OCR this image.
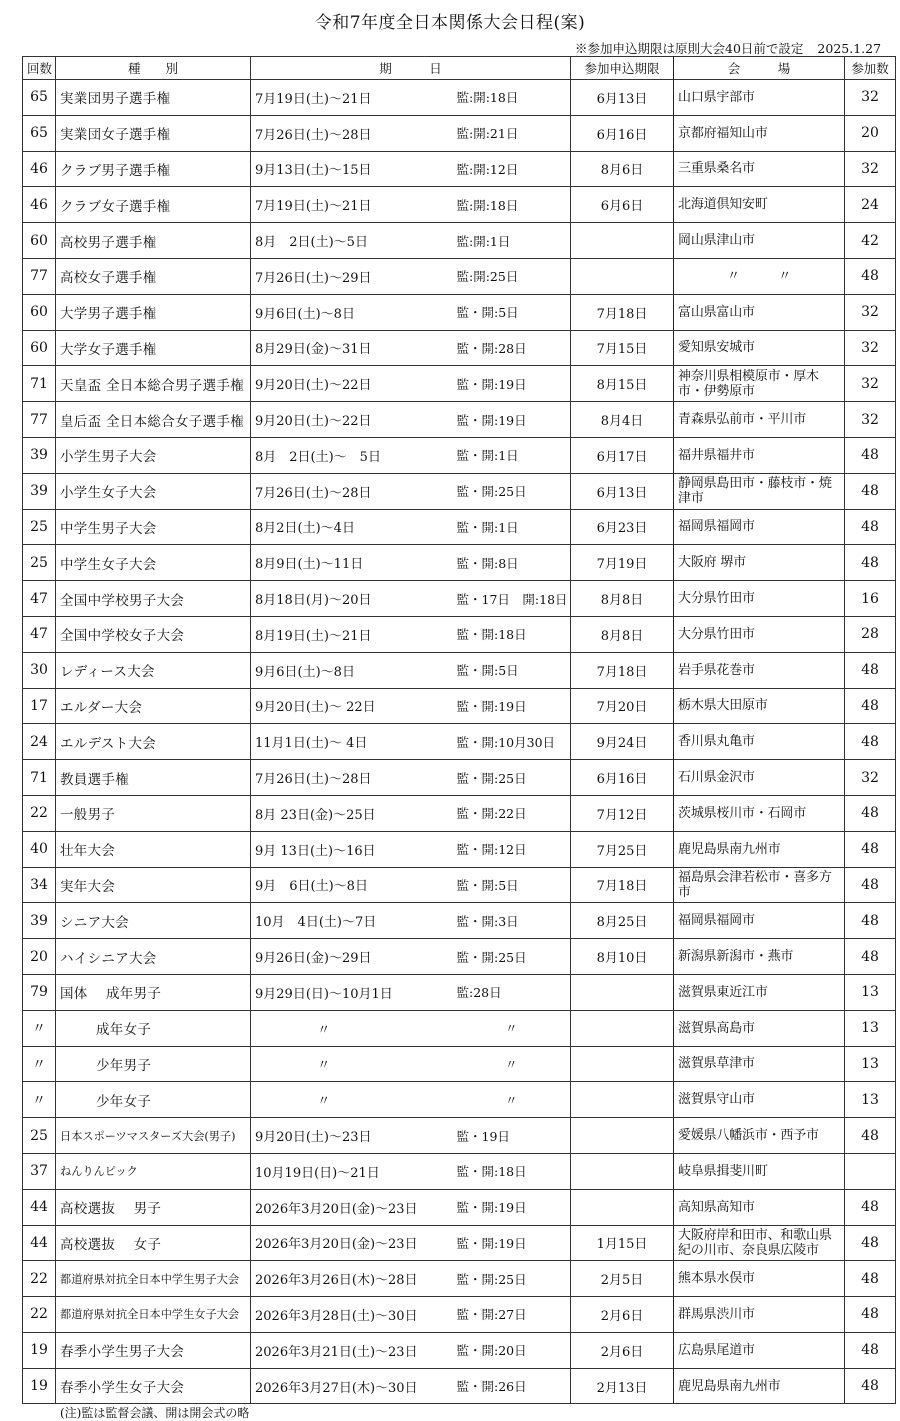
令和7年度全日本関係大会日程(案)
※参加申込期限は原則大会40日前で設定 2025.1.27
回数	種　　別	期　　　日		参加申込期限	会　　　場	参加数
65	実業団男子選手権	7月19日(土)～21日	監:開:18日	6月13日	山口県宇部市	32
65	実業団女子選手権	7月26日(土)～28日	監:開:21日	6月16日	京都府福知山市	20
46	クラブ男子選手権	9月13日(土)～15日	監:開:12日	8月6日	三重県桑名市	32
46	クラブ女子選手権	7月19日(土)～21日	監:開:18日	6月6日	北海道倶知安町	24
60	高校男子選手権	8月　2日(土)～5日	監:開:1日		岡山県津山市	42
77	高校女子選手権	7月26日(土)～29日	監:開:25日		〃　　　〃	48
60	大学男子選手権	9月6日(土)～8日	監・開:5日	7月18日	富山県富山市	32
60	大学女子選手権	8月29日(金)～31日	監・開:28日	7月15日	愛知県安城市	32
71	天皇盃 全日本総合男子選手権	9月20日(土)～22日	監・開:19日	8月15日	神奈川県相模原市・厚木市・伊勢原市	32
77	皇后盃 全日本総合女子選手権	9月20日(土)～22日	監・開:19日	8月4日	青森県弘前市・平川市	32
39	小学生男子大会	8月　2日(土)～　5日	監・開:1日	6月17日	福井県福井市	48
39	小学生女子大会	7月26日(土)～28日	監・開:25日	6月13日	静岡県島田市・藤枝市・焼津市	48
25	中学生男子大会	8月2日(土)～4日	監・開:1日	6月23日	福岡県福岡市	48
25	中学生女子大会	8月9日(土)～11日	監・開:8日	7月19日	大阪府 堺市	48
47	全国中学校男子大会	8月18日(月)～20日	監・17日　開:18日	8月8日	大分県竹田市	16
47	全国中学校女子大会	8月19日(土)～21日	監・開:18日	8月8日	大分県竹田市	28
30	レディース大会	9月6日(土)～8日	監・開:5日	7月18日	岩手県花巻市	48
17	エルダー大会	9月20日(土)～ 22日	監・開:19日	7月20日	栃木県大田原市	48
24	エルデスト大会	11月1日(土)～ 4日	監・開:10月30日	9月24日	香川県丸亀市	48
71	教員選手権	7月26日(土)～28日	監・開:25日	6月16日	石川県金沢市	32
22	一般男子	8月 23日(金)～25日	監・開:22日	7月12日	茨城県桜川市・石岡市	48
40	壮年大会	9月 13日(土)～16日	監・開:12日	7月25日	鹿児島県南九州市	48
34	実年大会	9月　6日(土)～8日	監・開:5日	7月18日	福島県会津若松市・喜多方市	48
39	シニア大会	10月　4日(土)～7日	監・開:3日	8月25日	福岡県福岡市	48
20	ハイシニア大会	9月26日(金)～29日	監・開:25日	8月10日	新潟県新潟市・燕市	48
79	国体　 成年男子	9月29日(日)～10月1日	監:28日		滋賀県東近江市	13
〃	成年女子	〃	〃		滋賀県高島市	13
〃	少年男子	〃	〃		滋賀県草津市	13
〃	少年女子	〃	〃		滋賀県守山市	13
25	日本スポーツマスターズ大会(男子)	9月20日(土)～23日	監・19日		愛媛県八幡浜市・西予市	48
37	ねんりんピック	10月19日(日)～21日	監・開:18日		岐阜県揖斐川町	
44	高校選抜　 男子	2026年3月20日(金)～23日	監・開:19日		高知県高知市	48
44	高校選抜　 女子	2026年3月20日(金)～23日	監・開:19日	1月15日	大阪府岸和田市、和歌山県紀の川市、奈良県広陵市	48
22	都道府県対抗全日本中学生男子大会	2026年3月26日(木)～28日	監・開:25日	2月5日	熊本県水俣市	48
22	都道府県対抗全日本中学生女子大会	2026年3月28日(土)～30日	監・開:27日	2月6日	群馬県渋川市	48
19	春季小学生男子大会	2026年3月21日(土)～23日	監・開:20日	2月6日	広島県尾道市	48
19	春季小学生女子大会	2026年3月27日(木)～30日	監・開:26日	2月13日	鹿児島県南九州市	48
(注)監は監督会議、開は開会式の略
